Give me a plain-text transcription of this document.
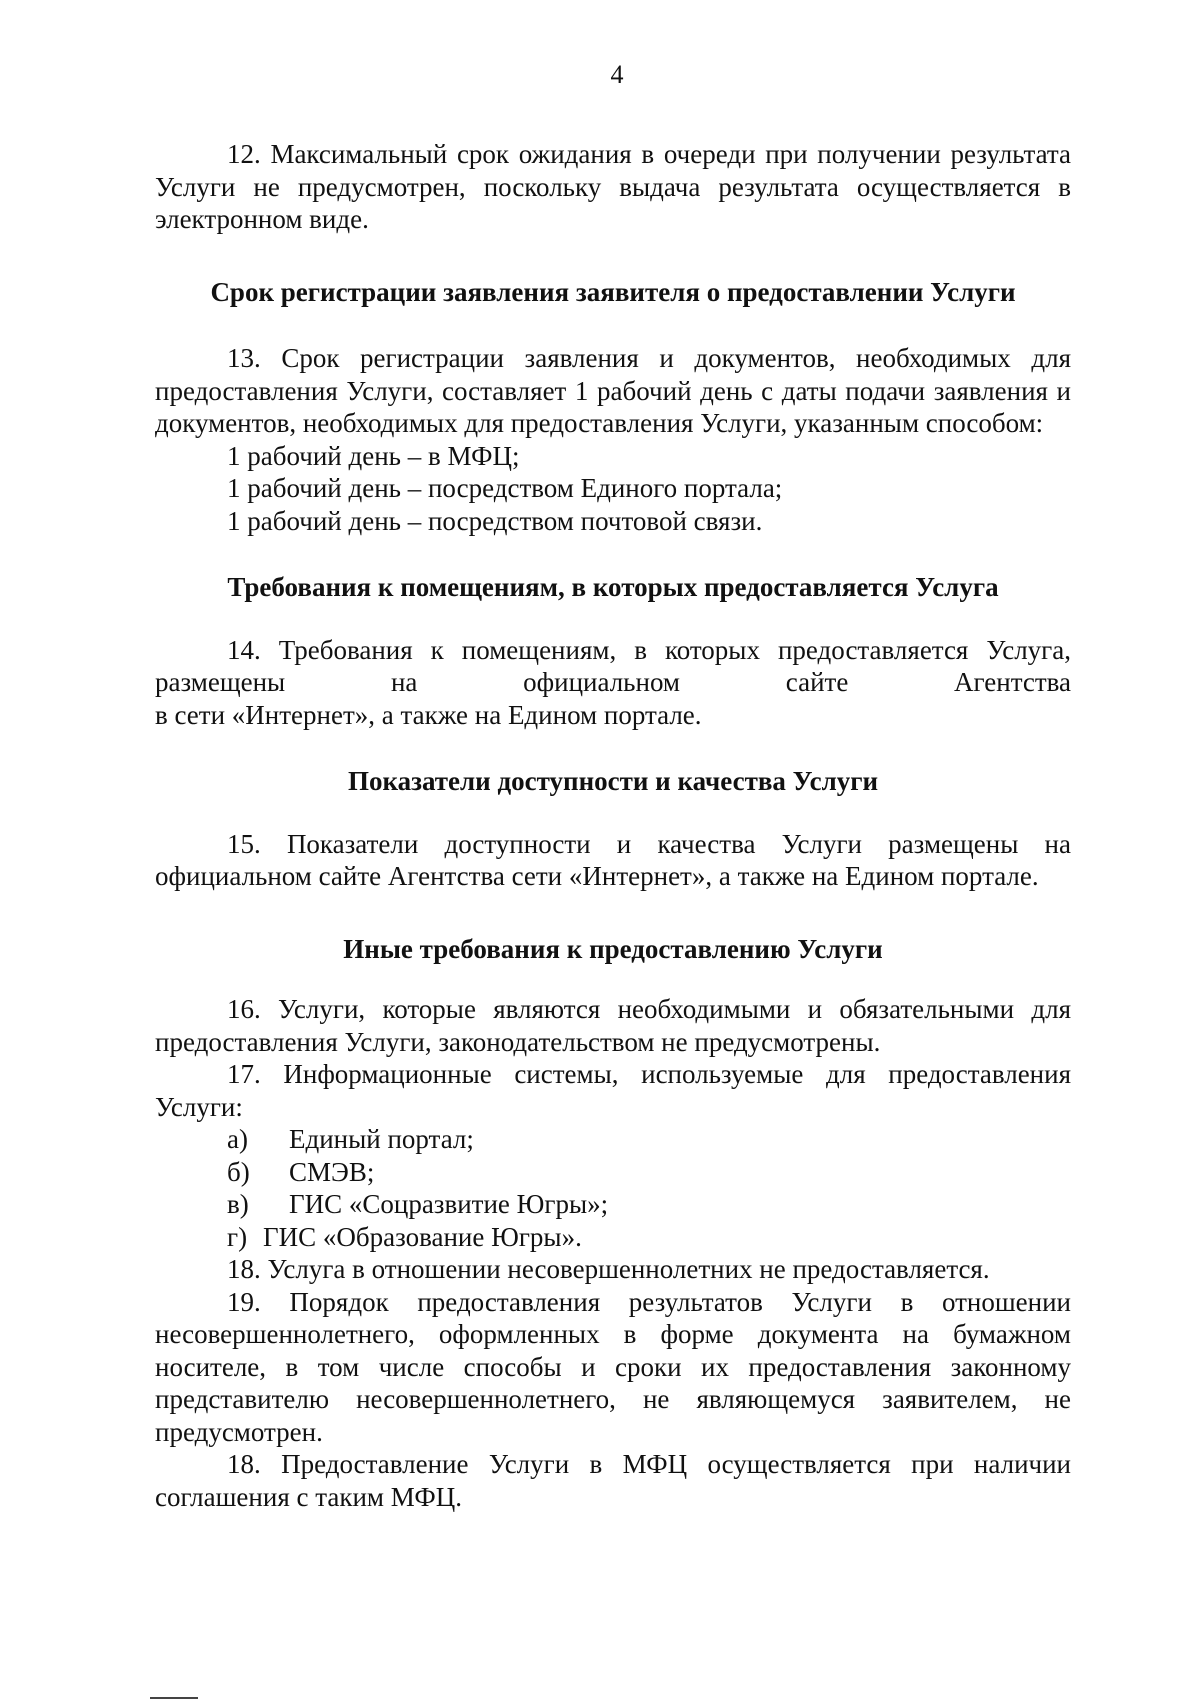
4

12. Максимальный срок ожидания в очереди при получении результата Услуги не предусмотрен, поскольку выдача результата осуществляется в электронном виде.

Срок регистрации заявления заявителя о предоставлении Услуги

13. Срок регистрации заявления и документов, необходимых для предоставления Услуги, составляет 1 рабочий день с даты подачи заявления и документов, необходимых для предоставления Услуги, указанным способом:

1 рабочий день – в МФЦ;

1 рабочий день – посредством Единого портала;

1 рабочий день – посредством почтовой связи.

Требования к помещениям, в которых предоставляется Услуга

14. Требования к помещениям, в которых предоставляется Услуга, размещены на официальном сайте Агентства

в сети «Интернет», а также на Едином портале.

Показатели доступности и качества Услуги

15. Показатели доступности и качества Услуги размещены на официальном сайте Агентства сети «Интернет», а также на Едином портале.

Иные требования к предоставлению Услуги

16. Услуги, которые являются необходимыми и обязательными для предоставления Услуги, законодательством не предусмотрены.

17. Информационные системы, используемые для предоставления Услуги:

а)	Единый портал;
б)	СМЭВ;
в)	ГИС «Соцразвитие Югры»;
г) ГИС «Образование Югры».

18. Услуга в отношении несовершеннолетних не предоставляется.

19. Порядок предоставления результатов Услуги в отношении несовершеннолетнего, оформленных в форме документа на бумажном носителе, в том числе способы и сроки их предоставления законному представителю несовершеннолетнего, не являющемуся заявителем, не предусмотрен.

18. Предоставление Услуги в МФЦ осуществляется при наличии соглашения с таким МФЦ.
